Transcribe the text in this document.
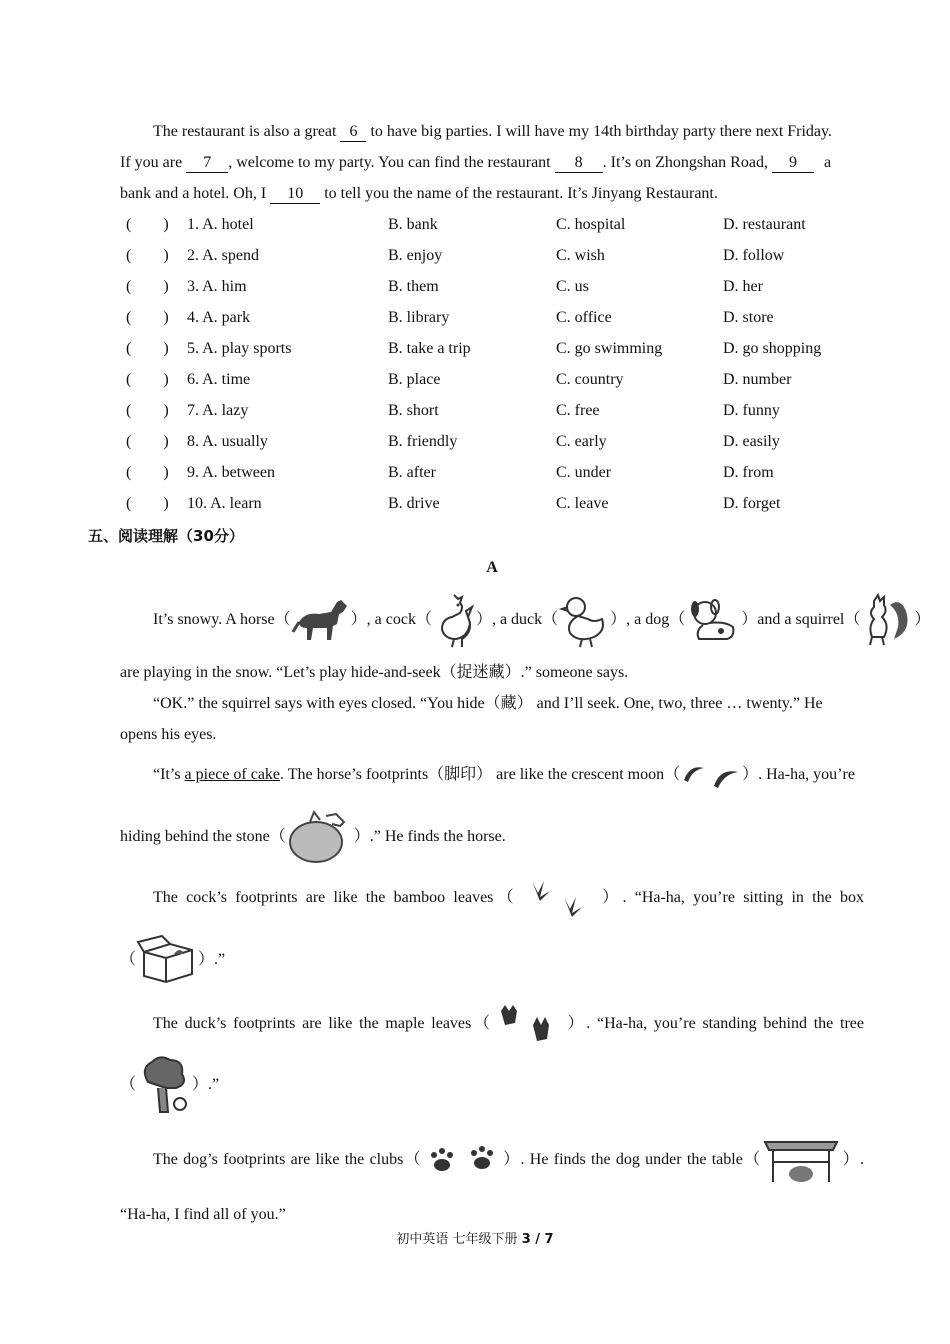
The restaurant is also a great 6 to have big parties. I will have my 14th birthday party there next Friday.
If you are 7 , welcome to my party. You can find the restaurant 8 . It’s on Zhongshan Road, 9 a
bank and a hotel. Oh, I 10 to tell you the name of the restaurant. It’s Jinyang Restaurant.
(　　) 1. A. hotel	B. bank	C. hospital	D. restaurant
(　　) 2. A. spend	B. enjoy	C. wish	D. follow
(　　) 3. A. him	B. them	C. us	D. her
(　　) 4. A. park	B. library	C. office	D. store
(　　) 5. A. play sports	B. take a trip	C. go swimming	D. go shopping
(　　) 6. A. time	B. place	C. country	D. number
(　　) 7. A. lazy	B. short	C. free	D. funny
(　　) 8. A. usually	B. friendly	C. early	D. easily
(　　) 9. A. between	B. after	C. under	D. from
(　　) 10. A. learn	B. drive	C. leave	D. forget
五、阅读理解（30分）
A
It’s snowy. A horse（	）, a cock（	）, a duck（	）, a dog（	）and a squirrel（	）
are playing in the snow. “Let’s play hide-and-seek（捉迷藏）.” someone says.
“OK.” the squirrel says with eyes closed. “You hide（藏） and I’ll seek. One, two, three … twenty.” He
opens his eyes.
“It’s a piece of cake. The horse’s footprints（脚印） are like the crescent moon（	）. Ha-ha, you’re
hiding behind the stone（	）.” He finds the horse.
The cock’s footprints are like the bamboo leaves（	）. “Ha-ha, you’re sitting in the box
（	）.”
The duck’s footprints are like the maple leaves（	）. “Ha-ha, you’re standing behind the tree
（	）.”
The dog’s footprints are like the clubs（	）. He finds the dog under the table（	）.
“Ha-ha, I find all of you.”
初中英语 七年级下册 3 / 7
